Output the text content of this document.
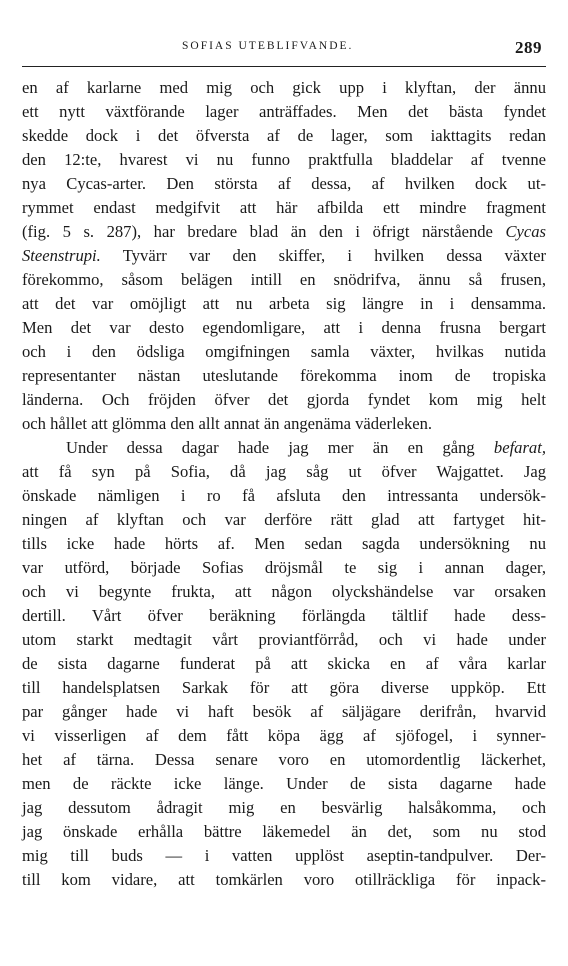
SOFIAS UTEBLIFVANDE.	289
en af karlarne med mig och gick upp i klyftan, der ännu
ett nytt växtförande lager anträffades. Men det bästa fyndet
skedde dock i det öfversta af de lager, som iakttagits redan
den 12:te, hvarest vi nu funno praktfulla bladdelar af tvenne
nya Cycas-arter. Den största af dessa, af hvilken dock ut-
rymmet endast medgifvit att här afbilda ett mindre fragment
(fig. 5 s. 287), har bredare blad än den i öfrigt närstående Cycas
Steenstrupi. Tyvärr var den skiffer, i hvilken dessa växter
förekommo, såsom belägen intill en snödrifva, ännu så frusen,
att det var omöjligt att nu arbeta sig längre in i densamma.
Men det var desto egendomligare, att i denna frusna bergart
och i den ödsliga omgifningen samla växter, hvilkas nutida
representanter nästan uteslutande förekomma inom de tropiska
länderna. Och fröjden öfver det gjorda fyndet kom mig helt
och hållet att glömma den allt annat än angenäma väderleken.
Under dessa dagar hade jag mer än en gång befarat,
att få syn på Sofia, då jag såg ut öfver Wajgattet. Jag
önskade nämligen i ro få afsluta den intressanta undersök-
ningen af klyftan och var derföre rätt glad att fartyget hit-
tills icke hade hörts af. Men sedan sagda undersökning nu
var utförd, började Sofias dröjsmål te sig i annan dager,
och vi begynte frukta, att någon olyckshändelse var orsaken
dertill. Vårt öfver beräkning förlängda tältlif hade dess-
utom starkt medtagit vårt proviantförråd, och vi hade under
de sista dagarne funderat på att skicka en af våra karlar
till handelsplatsen Sarkak för att göra diverse uppköp. Ett
par gånger hade vi haft besök af säljägare derifrån, hvarvid
vi visserligen af dem fått köpa ägg af sjöfogel, i synner-
het af tärna. Dessa senare voro en utomordentlig läckerhet,
men de räckte icke länge. Under de sista dagarne hade
jag dessutom ådragit mig en besvärlig halsåkomma, och
jag önskade erhålla bättre läkemedel än det, som nu stod
mig till buds — i vatten upplöst aseptin-tandpulver. Der-
till kom vidare, att tomkärlen voro otillräckliga för inpack-
